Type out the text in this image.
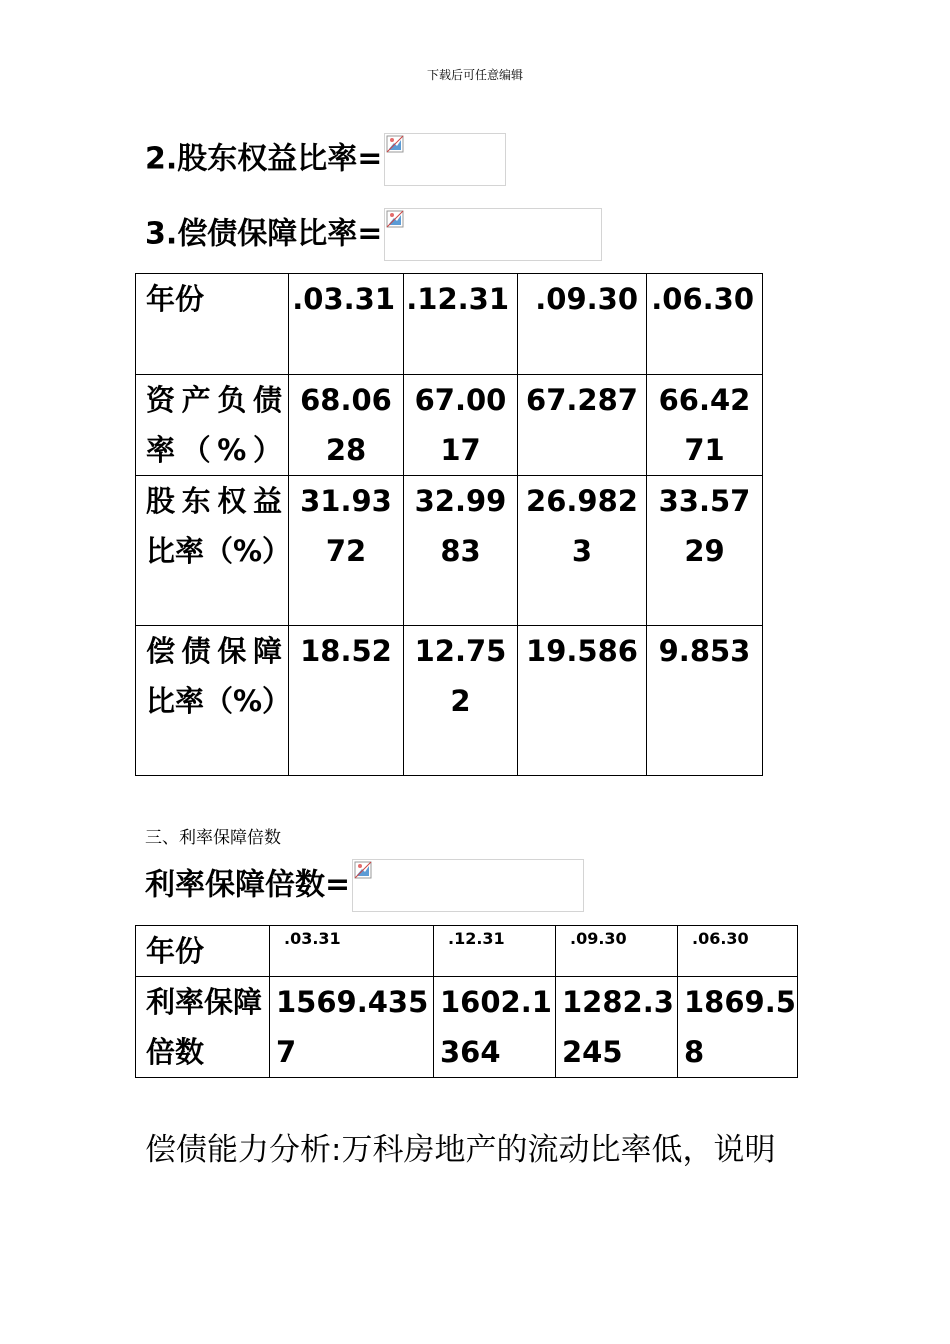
下载后可任意编辑
2.股东权益比率=
3.偿债保障比率=
年份	.03.31	.12.31	.09.30	.06.30
资产负债率（%）	68.0628	67.0017	67.287	66.4271
股东权益比率（%）	31.9372	32.9983	26.9823	33.5729
偿债保障比率（%）	18.52	12.752	19.586	9.853
三、利率保障倍数
利率保障倍数=
年份	.03.31	.12.31	.09.30	.06.30
利率保障倍数	1569.4357	1602.1364	1282.3245	1869.58
偿债能力分析:万科房地产的流动比率低，说明
